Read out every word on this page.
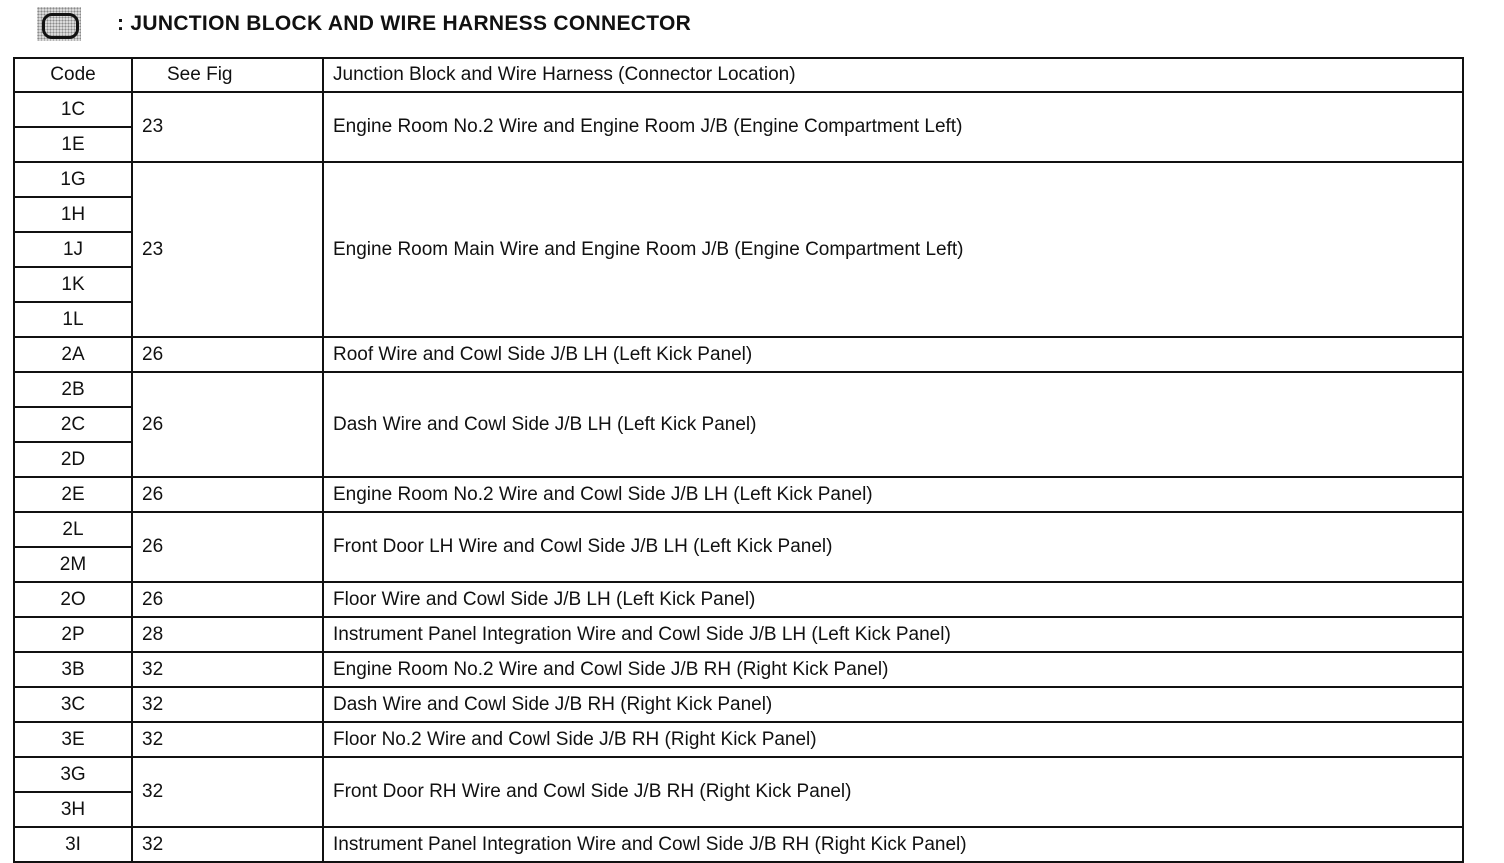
: JUNCTION BLOCK AND WIRE HARNESS CONNECTOR
Code	See Fig	Junction Block and Wire Harness (Connector Location)
1C	23	Engine Room No.2 Wire and Engine Room J/B (Engine Compartment Left)
1E		
1G	23	Engine Room Main Wire and Engine Room J/B (Engine Compartment Left)
1H		
1J		
1K		
1L		
2A	26	Roof Wire and Cowl Side J/B LH (Left Kick Panel)
2B	26	Dash Wire and Cowl Side J/B LH (Left Kick Panel)
2C		
2D		
2E	26	Engine Room No.2 Wire and Cowl Side J/B LH (Left Kick Panel)
2L	26	Front Door LH Wire and Cowl Side J/B LH (Left Kick Panel)
2M		
2O	26	Floor Wire and Cowl Side J/B LH (Left Kick Panel)
2P	28	Instrument Panel Integration Wire and Cowl Side J/B LH (Left Kick Panel)
3B	32	Engine Room No.2 Wire and Cowl Side J/B RH (Right Kick Panel)
3C	32	Dash Wire and Cowl Side J/B RH (Right Kick Panel)
3E	32	Floor No.2 Wire and Cowl Side J/B RH (Right Kick Panel)
3G	32	Front Door RH Wire and Cowl Side J/B RH (Right Kick Panel)
3H		
3I	32	Instrument Panel Integration Wire and Cowl Side J/B RH (Right Kick Panel)
